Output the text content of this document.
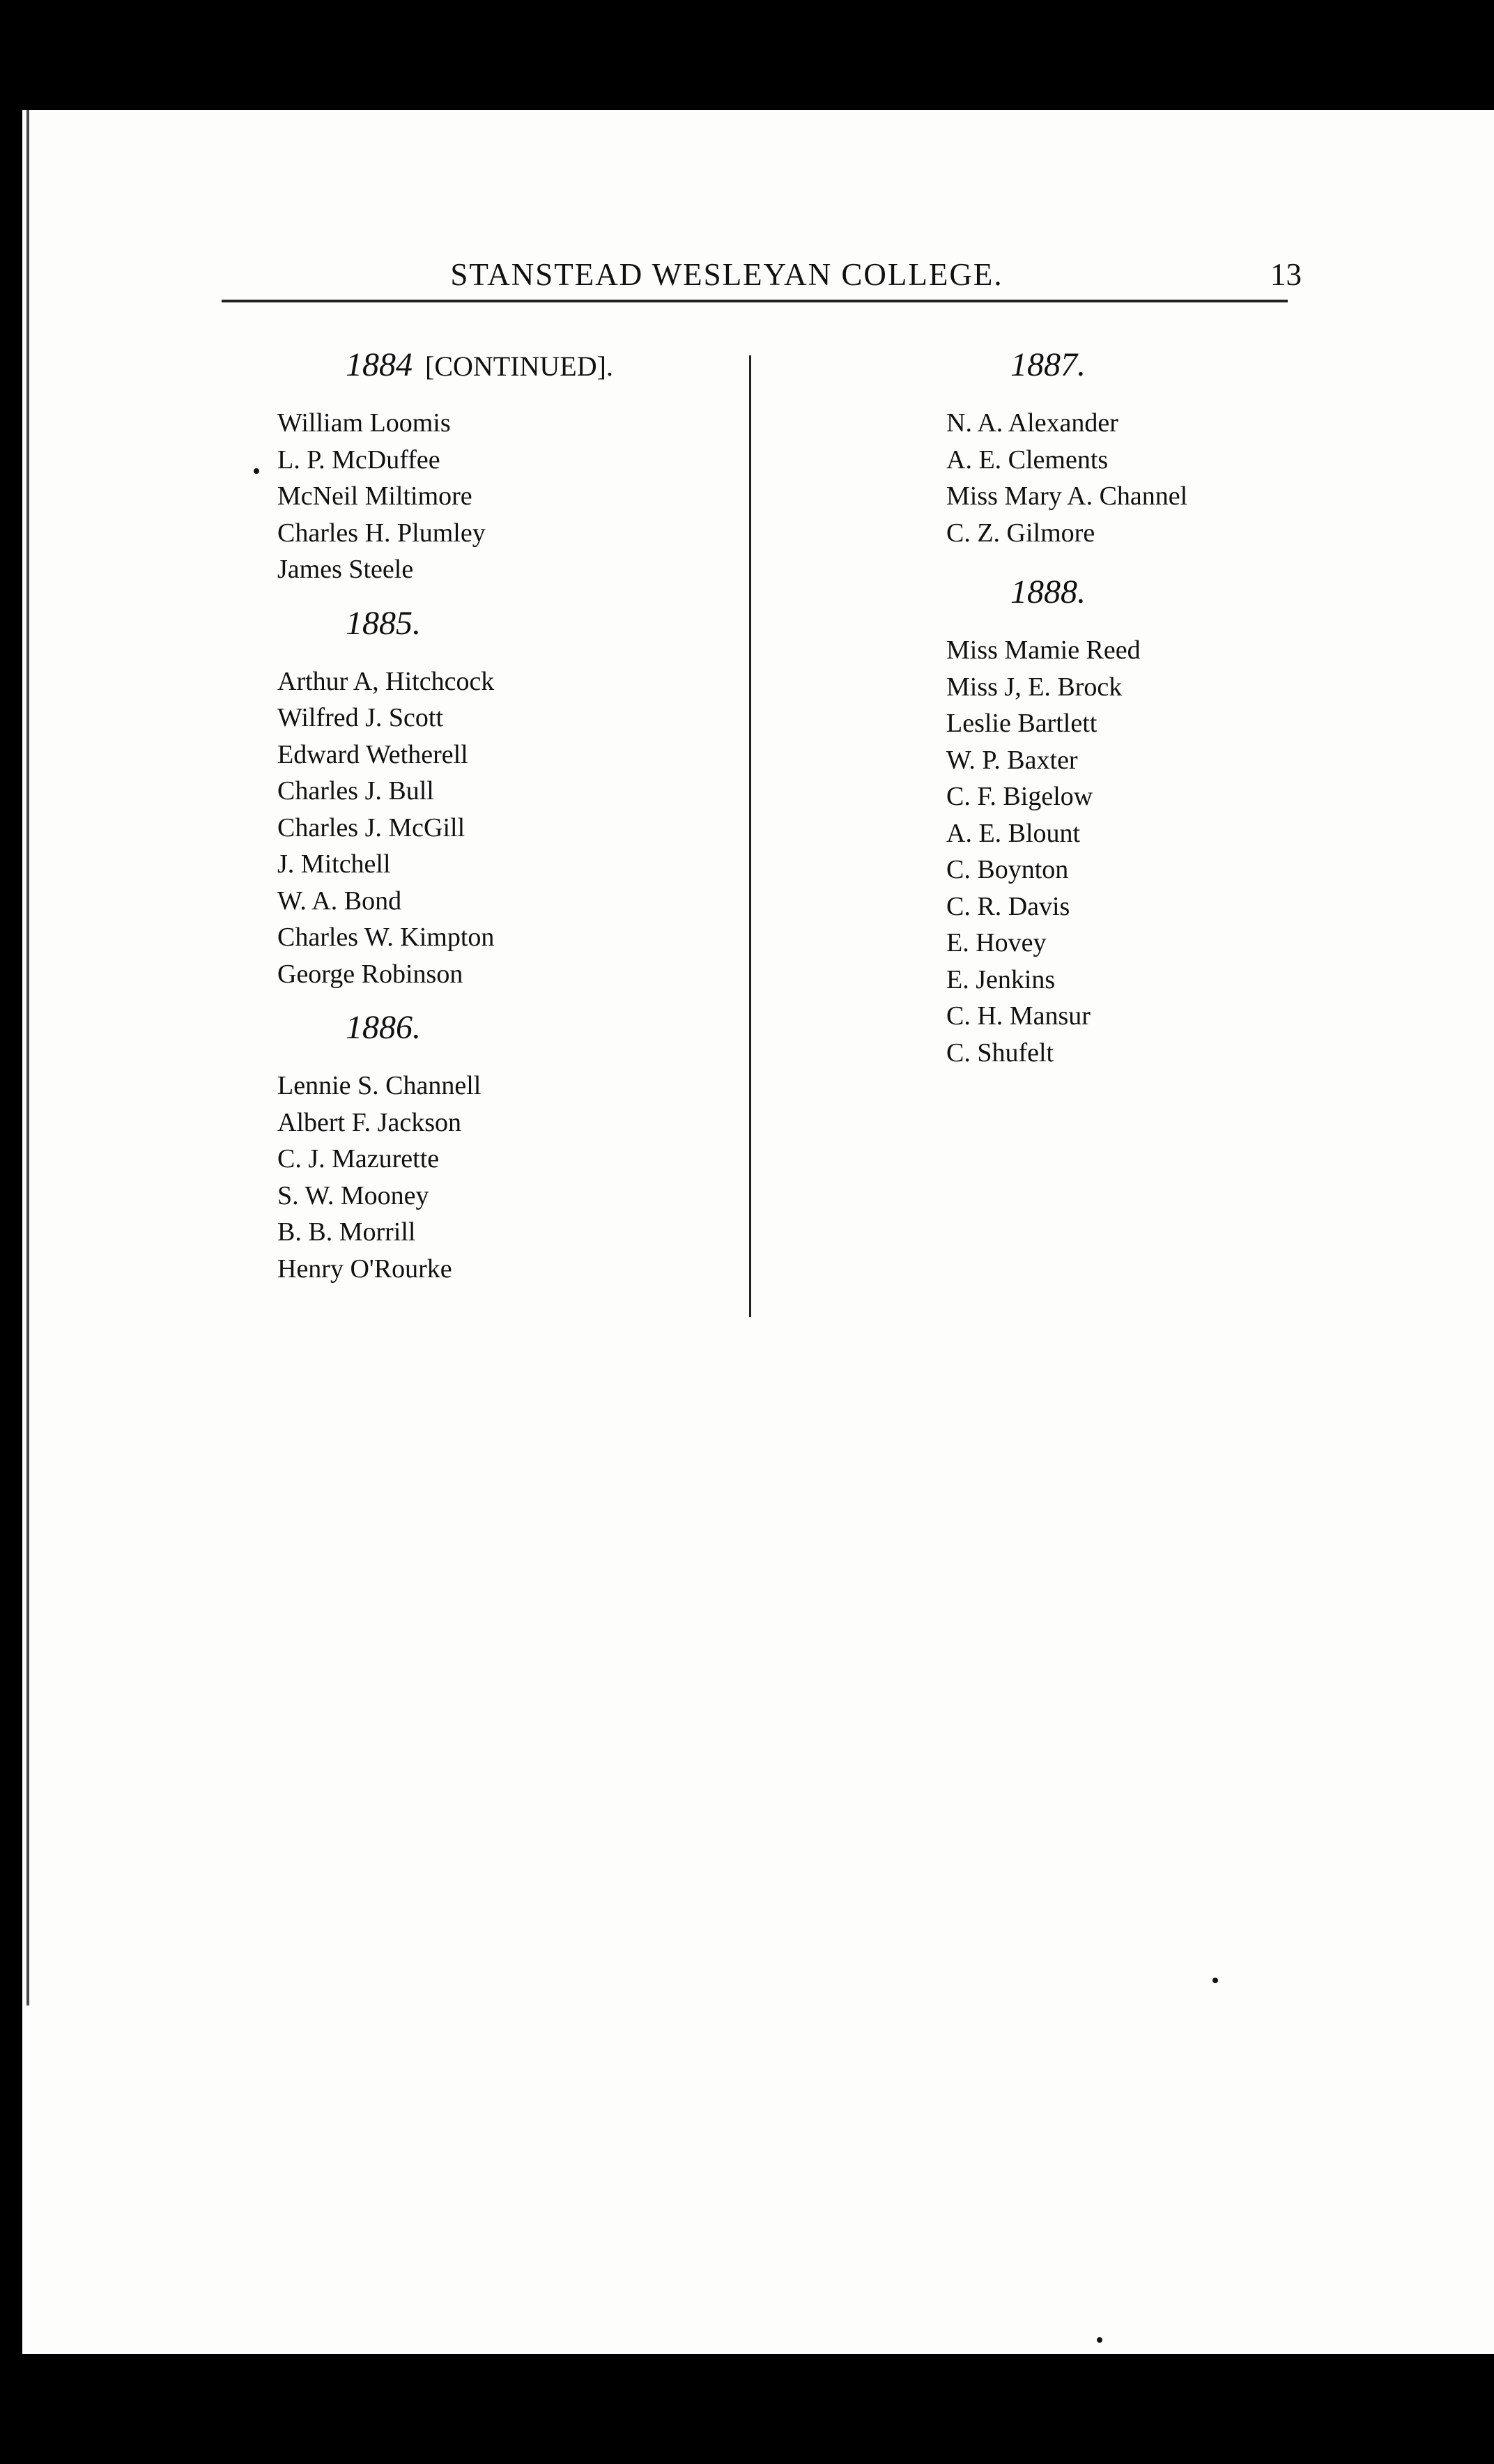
STANSTEAD WESLEYAN COLLEGE.	13
1884 [CONTINUED].
William Loomis
L. P. McDuffee
McNeil Miltimore
Charles H. Plumley
James Steele
1885.
Arthur A, Hitchcock
Wilfred J. Scott
Edward Wetherell
Charles J. Bull
Charles J. McGill
J. Mitchell
W. A. Bond
Charles W. Kimpton
George Robinson
1886.
Lennie S. Channell
Albert F. Jackson
C. J. Mazurette
S. W. Mooney
B. B. Morrill
Henry O'Rourke
1887.
N. A. Alexander
A. E. Clements
Miss Mary A. Channel
C. Z. Gilmore
1888.
Miss Mamie Reed
Miss J, E. Brock
Leslie Bartlett
W. P. Baxter
C. F. Bigelow
A. E. Blount
C. Boynton
C. R. Davis
E. Hovey
E. Jenkins
C. H. Mansur
C. Shufelt
